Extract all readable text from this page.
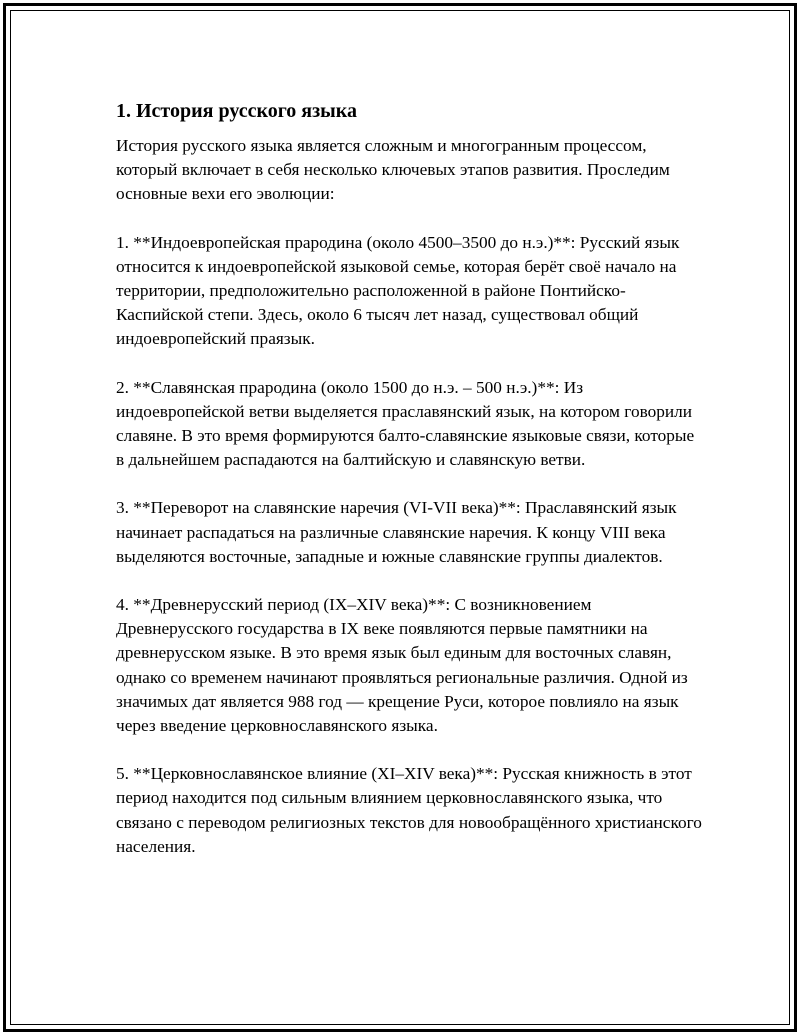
1. История русского языка

История русского языка является сложным и многогранным процессом, который включает в себя несколько ключевых этапов развития. Проследим основные вехи его эволюции:

1. **Индоевропейская прародина (около 4500–3500 до н.э.)**: Русский язык относится к индоевропейской языковой семье, которая берёт своё начало на территории, предположительно расположенной в районе Понтийско-Каспийской степи. Здесь, около 6 тысяч лет назад, существовал общий индоевропейский праязык.

2. **Славянская прародина (около 1500 до н.э. – 500 н.э.)**: Из индоевропейской ветви выделяется праславянский язык, на котором говорили славяне. В это время формируются балто-славянские языковые связи, которые в дальнейшем распадаются на балтийскую и славянскую ветви.

3. **Переворот на славянские наречия (VI-VII века)**: Праславянский язык начинает распадаться на различные славянские наречия. К концу VIII века выделяются восточные, западные и южные славянские группы диалектов.

4. **Древнерусский период (IX–XIV века)**: С возникновением Древнерусского государства в IX веке появляются первые памятники на древнерусском языке. В это время язык был единым для восточных славян, однако со временем начинают проявляться региональные различия. Одной из значимых дат является 988 год — крещение Руси, которое повлияло на язык через введение церковнославянского языка.

5. **Церковнославянское влияние (XI–XIV века)**: Русская книжность в этот период находится под сильным влиянием церковнославянского языка, что связано с переводом религиозных текстов для новообращённого христианского населения.
